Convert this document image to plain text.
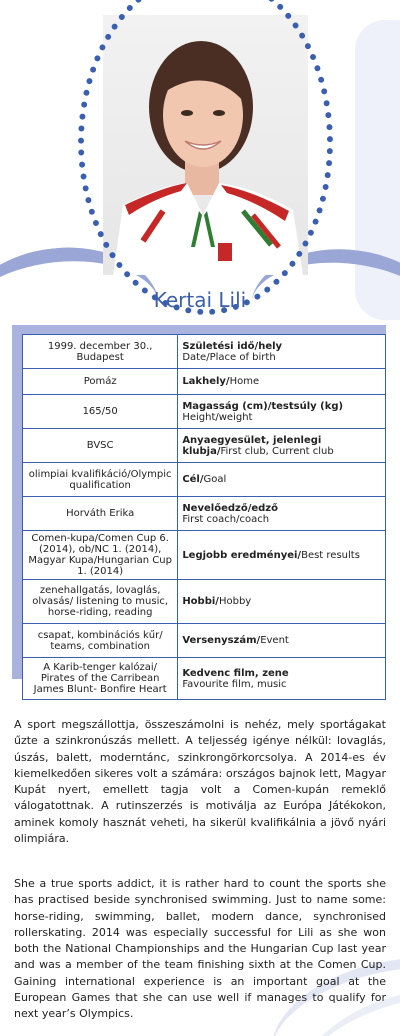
Kertai Lili
1999. december 30., Budapest	Születési idő/hely
Date/Place of birth
Pomáz	Lakhely/Home
165/50	Magasság (cm)/testsúly (kg)
Height/weight
BVSC	Anyaegyesület, jelenlegi klubja/First club, Current club
olimpiai kvalifikáció/Olympic qualification	Cél/Goal
Horváth Erika	Nevelőedző/edző
First coach/coach
Comen-kupa/Comen Cup 6. (2014), ob/NC 1. (2014), Magyar Kupa/Hungarian Cup 1. (2014)	Legjobb eredményei/Best results
zenehallgatás, lovaglás, olvasás/ listening to music, horse-riding, reading	Hobbi/Hobby
csapat, kombinációs kűr/ teams, combination	Versenyszám/Event
A Karib-tenger kalózai/ Pirates of the Carribean James Blunt- Bonfire Heart	Kedvenc film, zene
Favourite film, music
A sport megszállottja, összeszámolni is nehéz, mely sportágakat űzte a szinkronúszás mellett. A teljesség igénye nélkül: lovaglás, úszás, balett, moderntánc, szinkrongörkorcsolya. A 2014-es év kiemelkedően sikeres volt a számára: országos bajnok lett, Magyar Kupát nyert, emellett tagja volt a Comen-kupán remeklő válogatottnak. A rutinszerzés is motiválja az Európa Játékokon, aminek komoly hasznát veheti, ha sikerül kvalifikálnia a jövő nyári olimpiára.
She a true sports addict, it is rather hard to count the sports she has practised beside synchronised swimming. Just to name some: horse-riding, swimming, ballet, modern dance, synchronised rollerskating. 2014 was especially successful for Lili as she won both the National Championships and the Hungarian Cup last year and was a member of the team finishing sixth at the Comen Cup. Gaining international experience is an important goal at the European Games that she can use well if manages to qualify for next year’s Olympics.
